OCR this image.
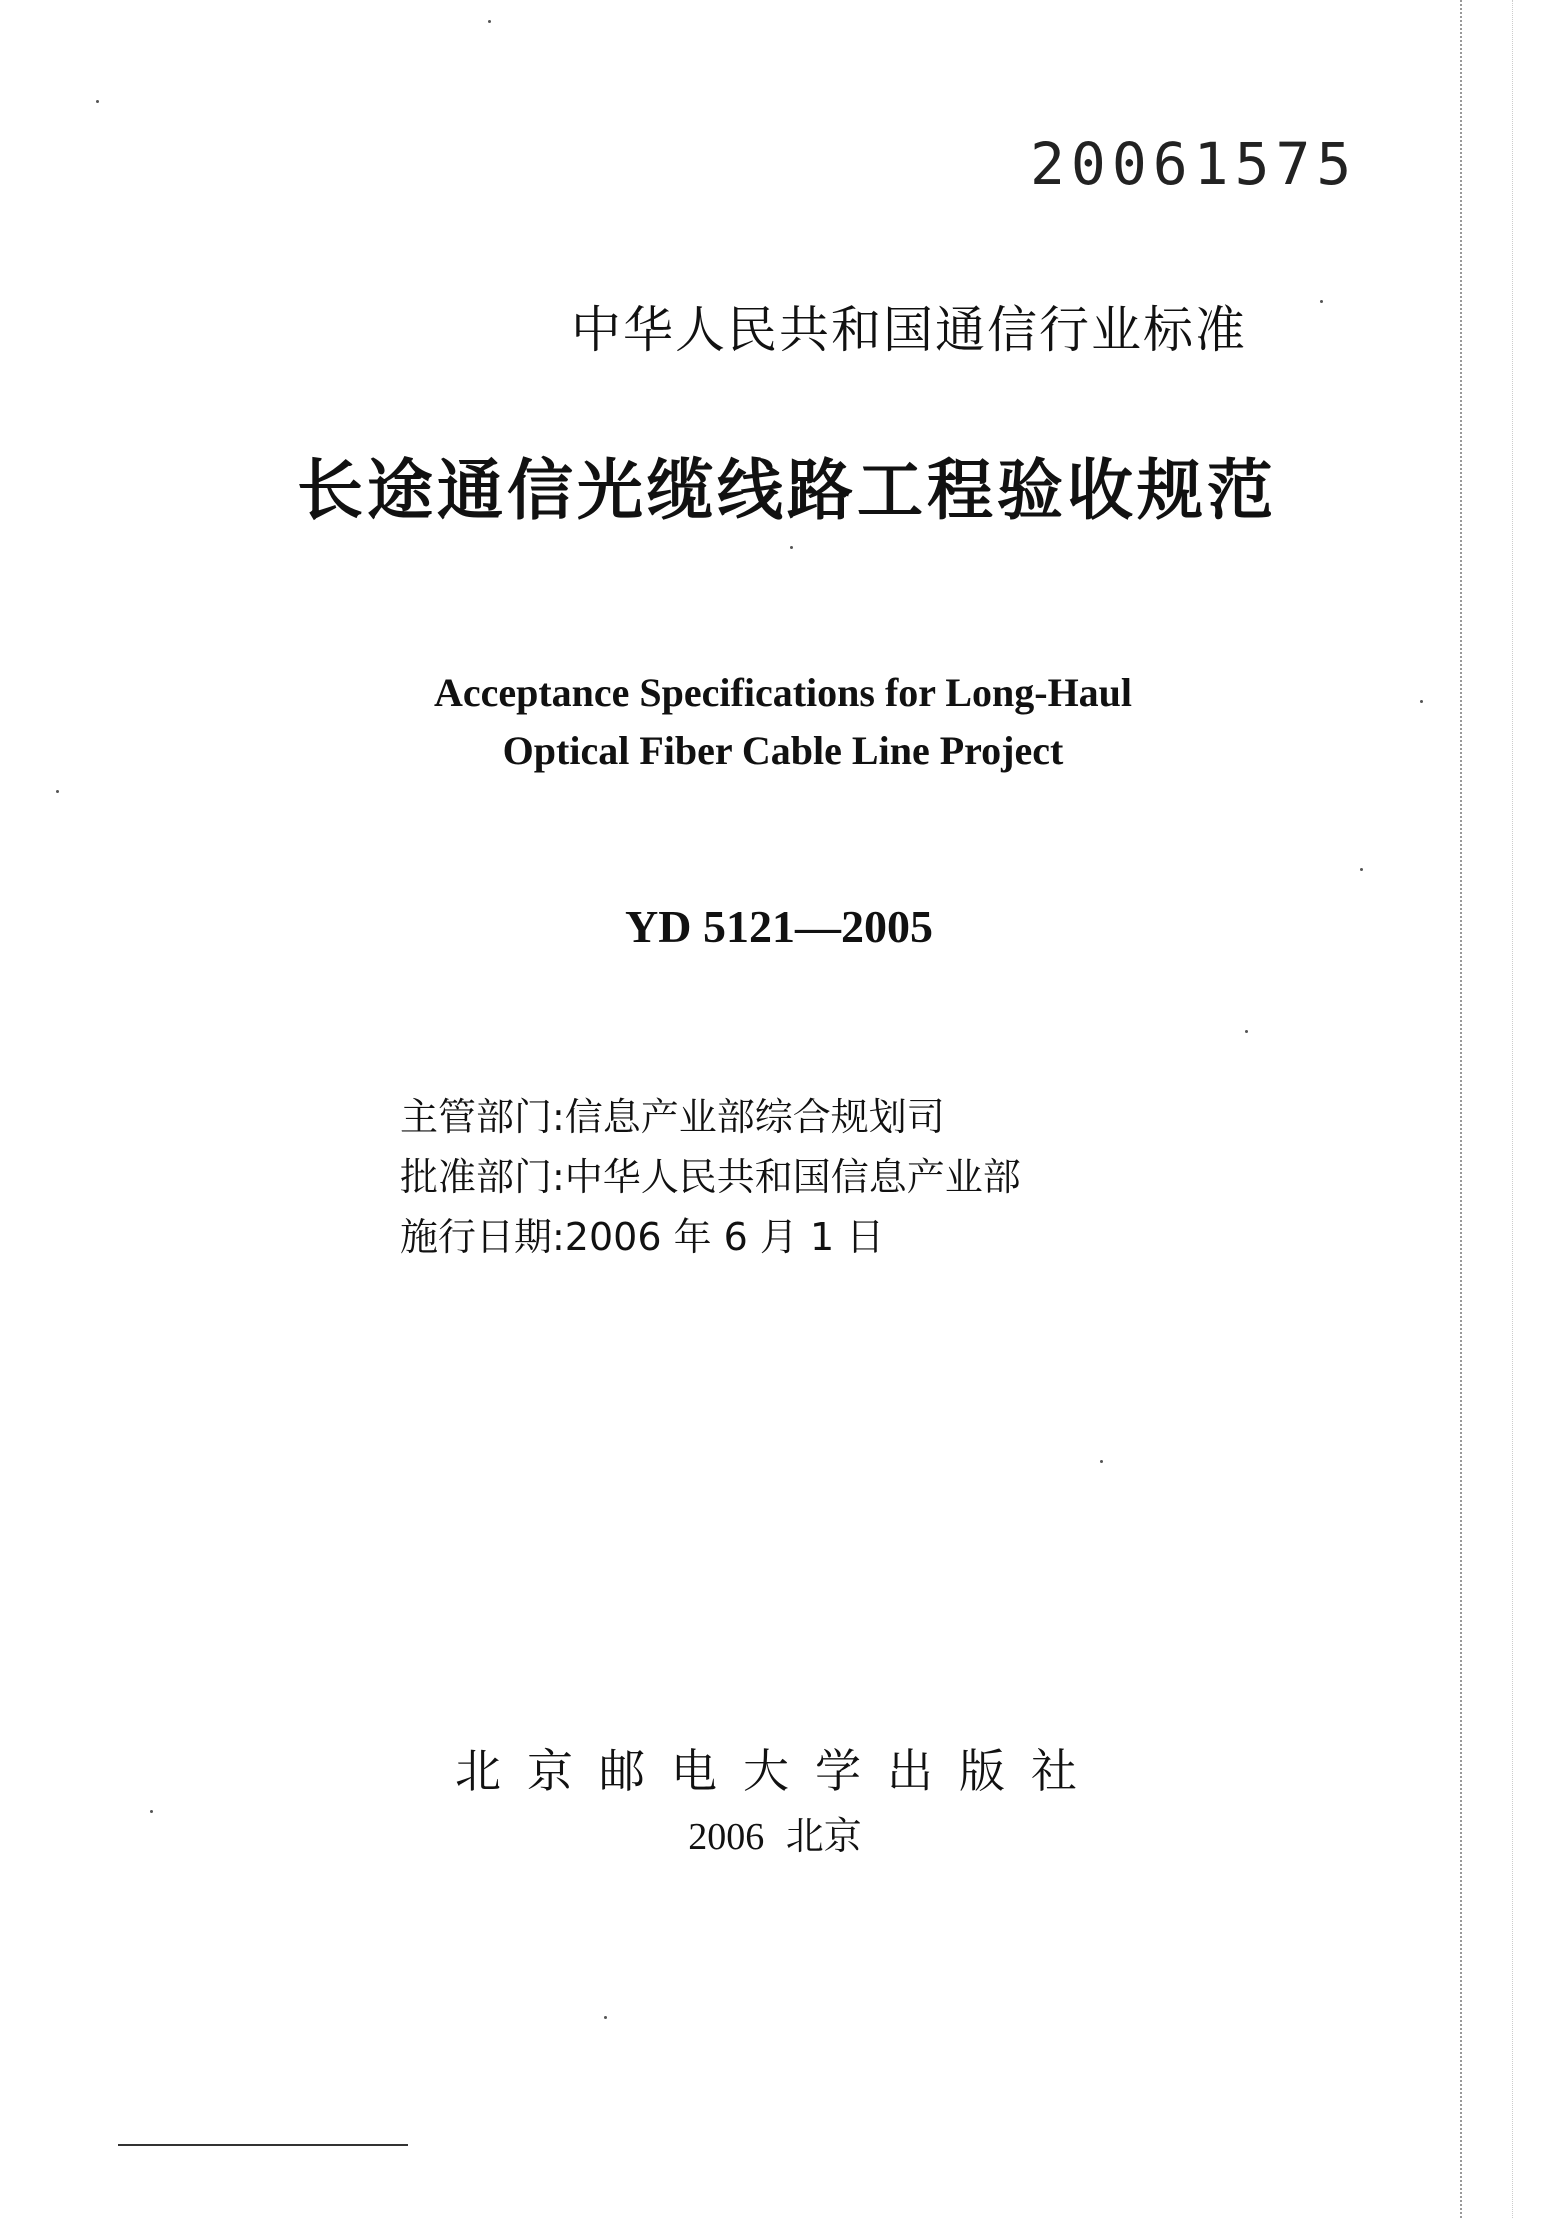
20061575
中华人民共和国通信行业标准
长途通信光缆线路工程验收规范
Acceptance Specifications for Long-Haul
Optical Fiber Cable Line Project
YD 5121—2005
主管部门:信息产业部综合规划司
批准部门:中华人民共和国信息产业部
施行日期:2006 年 6 月 1 日
北京邮电大学出版社
2006 北京
